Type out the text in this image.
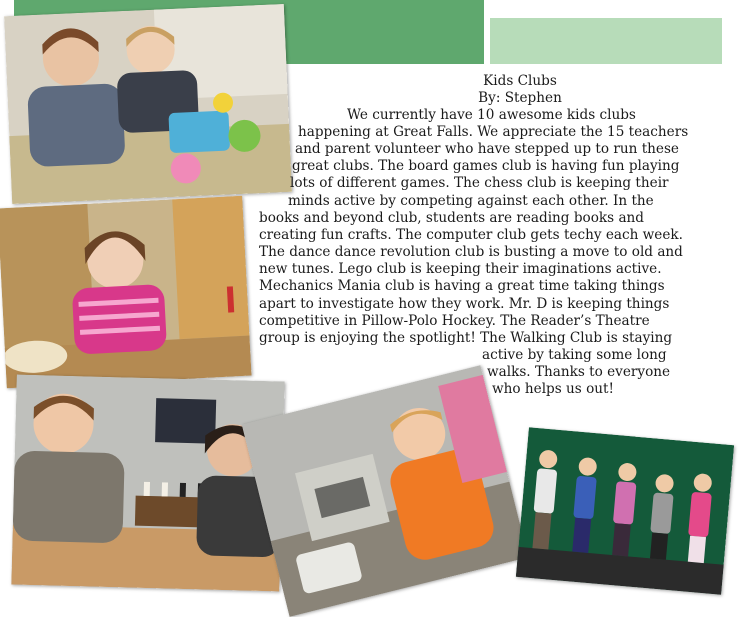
Kids Clubs
By: Stephen
We currently have 10 awesome kids clubs
happening at Great Falls. We appreciate the 15 teachers
and parent volunteer who have stepped up to run these
great clubs. The board games club is having fun playing
lots of different games. The chess club is keeping their
minds active by competing against each other. In the
books and beyond club, students are reading books and
creating fun crafts. The computer club gets techy each week.
The dance dance revolution club is busting a move to old and
new tunes. Lego club is keeping their imaginations active.
Mechanics Mania club is having a great time taking things
apart to investigate how they work. Mr. D is keeping things
competitive in Pillow-Polo Hockey. The Reader’s Theatre
group is enjoying the spotlight! The Walking Club is staying
active by taking some long
walks. Thanks to everyone
who helps us out!
